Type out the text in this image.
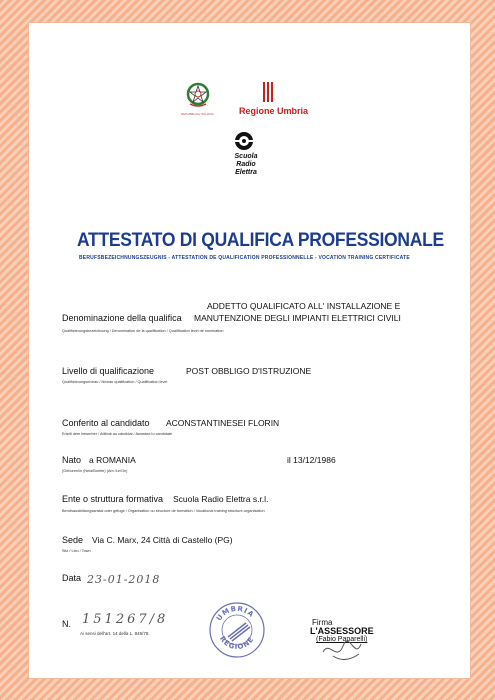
REPUBBLICA ITALIANA	Regione Umbria
Scuola
Radio Elettra
ATTESTATO DI QUALIFICA PROFESSIONALE
BERUFSBEZEICHNUNGSZEUGNIS - ATTESTATION DE QUALIFICATION PROFESSIONNELLE - VOCATION TRAINING CERTIFICATE
ADDETTO QUALIFICATO ALL' INSTALLAZIONE E
Denominazione della qualifica MANUTENZIONE DEGLI IMPIANTI ELETTRICI CIVILI
Qualifizierungsbezeichnung / Denomination de la qualification / Qualification level de nomination
Livello di qualificazione	POST OBBLIGO D'ISTRUZIONE
Qualifizierungsniveau / Niveau qualification / Qualification level
Conferito al candidato ACONSTANTINESEI FLORIN
Erteilt dem bewerber / Attibué au candidat / Awarded to candidate
Nato a ROMANIA	il 13/12/1986
(Geboren/in (Nela/Borete) (Am /Le/On)
Ente o struttura formativa Scuola Radio Elettra s.r.l.
Berufsausbildungsanstal oder gefuge / Organisation ou structure de formation / Vocational training structure-organisation
Sede Via C. Marx, 24 Città di Castello (PG)
Sitz / Lieu / Town
Data 23-01-2018
N. 151267/8
Ai sensi dell'art. 14 della L. 845/78.
UMBRIA
REGIONE
Firma
L'ASSESSORE
(Fabio Paparelli)
